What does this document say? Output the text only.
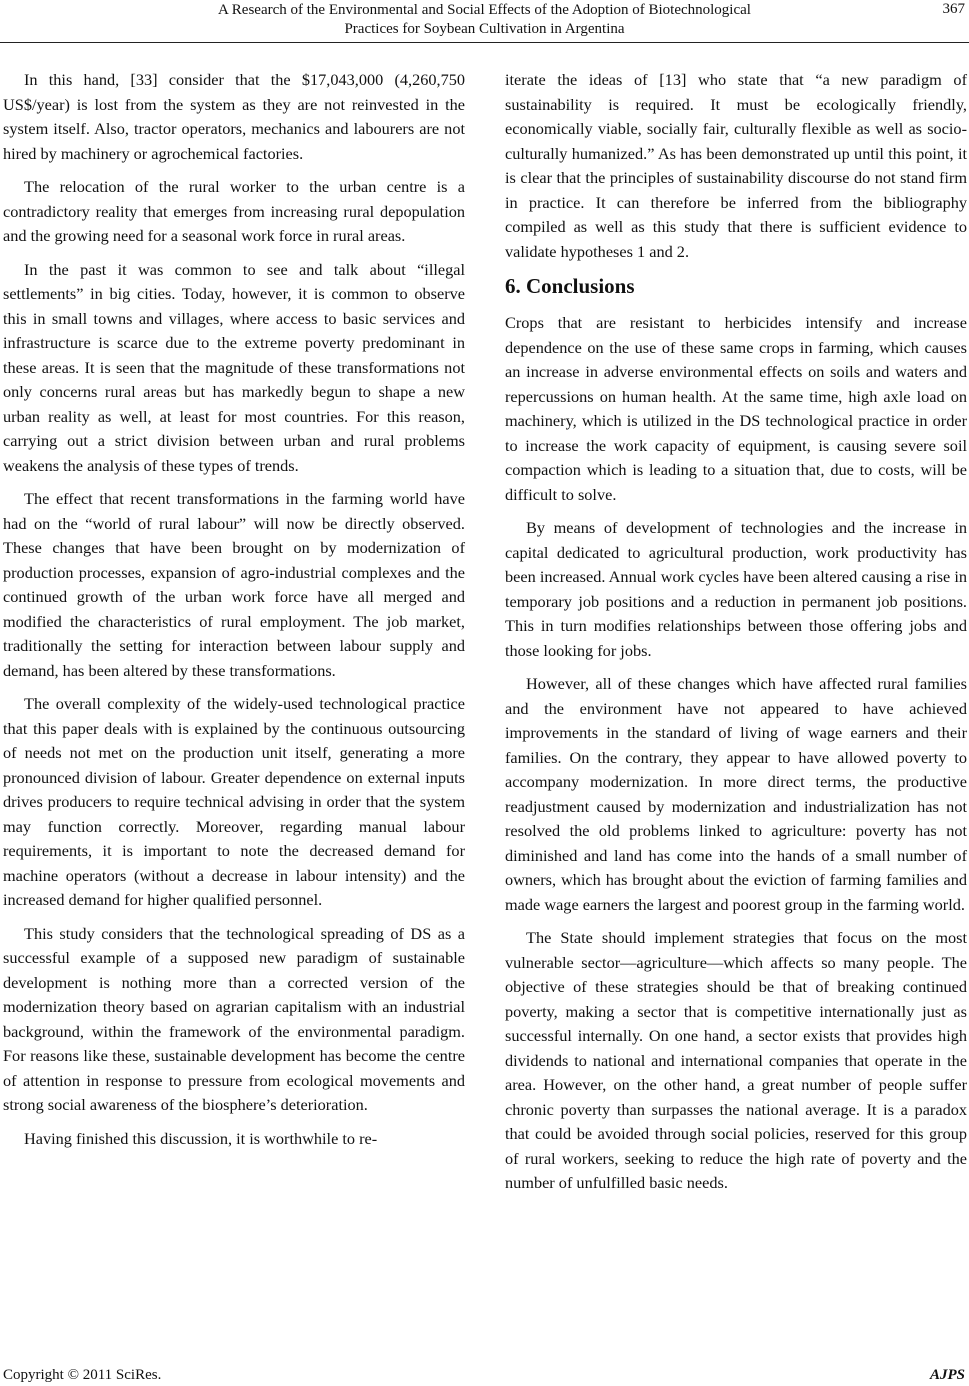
A Research of the Environmental and Social Effects of the Adoption of Biotechnological
Practices for Soybean Cultivation in Argentina
367

In this hand, [33] consider that the $17,043,000 (4,260,750 US$/year) is lost from the system as they are not reinvested in the system itself. Also, tractor operators, mechanics and labourers are not hired by machinery or agrochemical factories.

The relocation of the rural worker to the urban centre is a contradictory reality that emerges from increasing rural depopulation and the growing need for a seasonal work force in rural areas.

In the past it was common to see and talk about “illegal settlements” in big cities. Today, however, it is common to observe this in small towns and villages, where access to basic services and infrastructure is scarce due to the extreme poverty predominant in these areas. It is seen that the magnitude of these transformations not only concerns rural areas but has markedly begun to shape a new urban reality as well, at least for most countries. For this reason, carrying out a strict division between urban and rural problems weakens the analysis of these types of trends.

The effect that recent transformations in the farming world have had on the “world of rural labour” will now be directly observed. These changes that have been brought on by modernization of production processes, expansion of agro-industrial complexes and the continued growth of the urban work force have all merged and modified the characteristics of rural employment. The job market, traditionally the setting for interaction between labour supply and demand, has been altered by these transformations.

The overall complexity of the widely-used technological practice that this paper deals with is explained by the continuous outsourcing of needs not met on the production unit itself, generating a more pronounced division of labour. Greater dependence on external inputs drives producers to require technical advising in order that the system may function correctly. Moreover, regarding manual labour requirements, it is important to note the decreased demand for machine operators (without a decrease in labour intensity) and the increased demand for higher qualified personnel.

This study considers that the technological spreading of DS as a successful example of a supposed new paradigm of sustainable development is nothing more than a corrected version of the modernization theory based on agrarian capitalism with an industrial background, within the framework of the environmental paradigm. For reasons like these, sustainable development has become the centre of attention in response to pressure from ecological movements and strong social awareness of the biosphere’s deterioration.

Having finished this discussion, it is worthwhile to re-

iterate the ideas of [13] who state that “a new paradigm of sustainability is required. It must be ecologically friendly, economically viable, socially fair, culturally flexible as well as socio-culturally humanized.” As has been demonstrated up until this point, it is clear that the principles of sustainability discourse do not stand firm in practice. It can therefore be inferred from the bibliography compiled as well as this study that there is sufficient evidence to validate hypotheses 1 and 2.

6. Conclusions

Crops that are resistant to herbicides intensify and increase dependence on the use of these same crops in farming, which causes an increase in adverse environmental effects on soils and waters and repercussions on human health. At the same time, high axle load on machinery, which is utilized in the DS technological practice in order to increase the work capacity of equipment, is causing severe soil compaction which is leading to a situation that, due to costs, will be difficult to solve.

By means of development of technologies and the increase in capital dedicated to agricultural production, work productivity has been increased. Annual work cycles have been altered causing a rise in temporary job positions and a reduction in permanent job positions. This in turn modifies relationships between those offering jobs and those looking for jobs.

However, all of these changes which have affected rural families and the environment have not appeared to have achieved improvements in the standard of living of wage earners and their families. On the contrary, they appear to have allowed poverty to accompany modernization. In more direct terms, the productive readjustment caused by modernization and industrialization has not resolved the old problems linked to agriculture: poverty has not diminished and land has come into the hands of a small number of owners, which has brought about the eviction of farming families and made wage earners the largest and poorest group in the farming world.

The State should implement strategies that focus on the most vulnerable sector―agriculture―which affects so many people. The objective of these strategies should be that of breaking continued poverty, making a sector that is competitive internationally just as successful internally. On one hand, a sector exists that provides high dividends to national and international companies that operate in the area. However, on the other hand, a great number of people suffer chronic poverty than surpasses the national average. It is a paradox that could be avoided through social policies, reserved for this group of rural workers, seeking to reduce the high rate of poverty and the number of unfulfilled basic needs.

Copyright © 2011 SciRes.	AJPS
